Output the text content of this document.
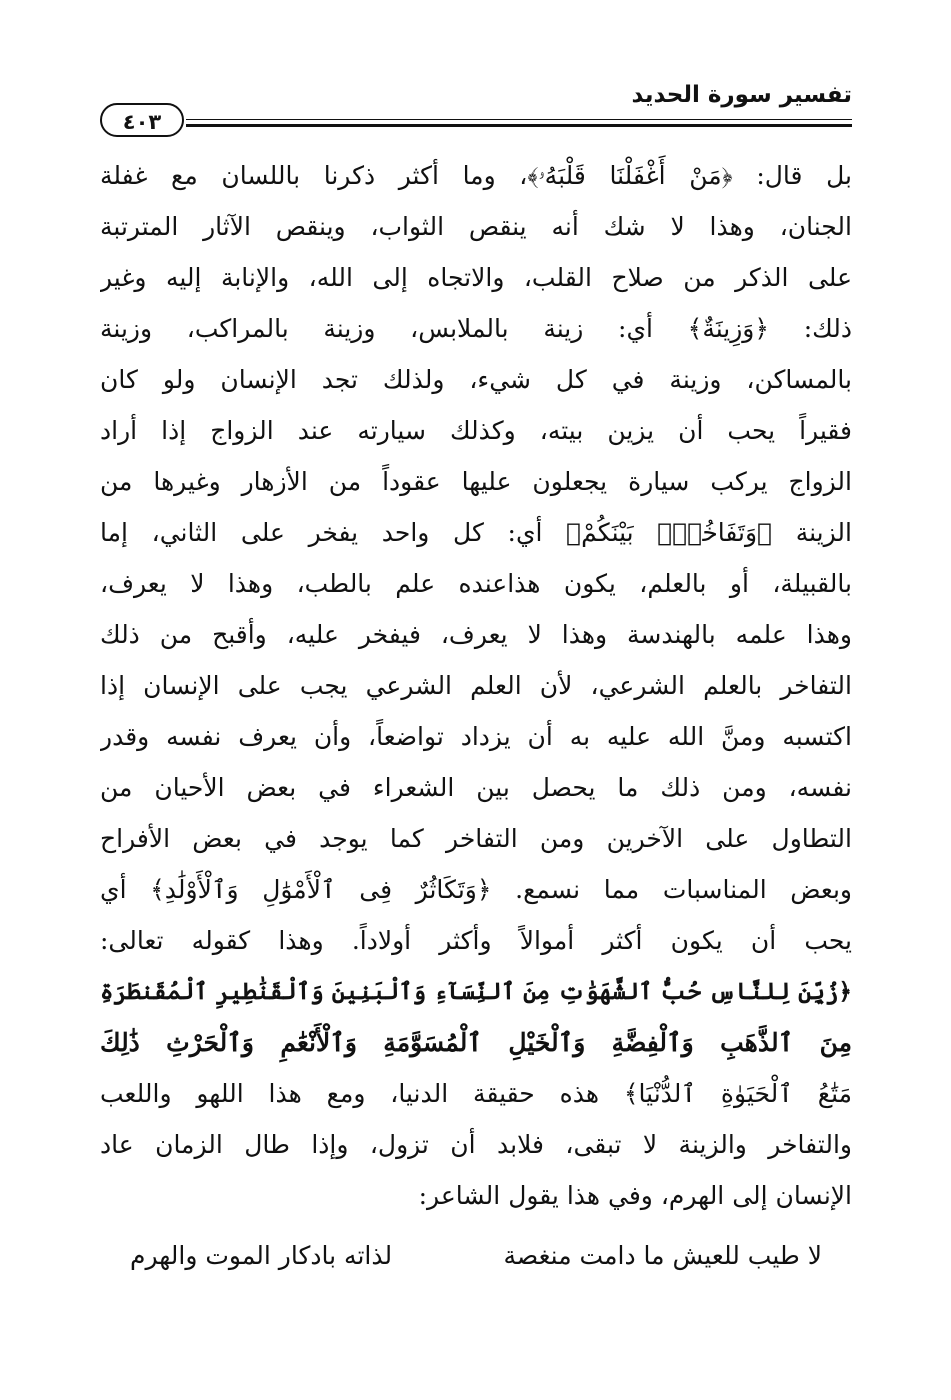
تفسير سورة الحديد
٤٠٣
بل قال: ﴿مَنْ أَغْفَلْنَا قَلْبَهُۥ﴾، وما أكثر ذكرنا باللسان مع غفلة
الجنان، وهذا لا شك أنه ينقص الثواب، وينقص الآثار المترتبة
على الذكر من صلاح القلب، والاتجاه إلى الله، والإنابة إليه وغير
ذلك: ﴿وَزِينَةٌ﴾ أي: زينة بالملابس، وزينة بالمراكب، وزينة
بالمساكن، وزينة في كل شيء، ولذلك تجد الإنسان ولو كان
فقيراً يحب أن يزين بيته، وكذلك سيارته عند الزواج إذا أراد
الزواج يركب سيارة يجعلون عليها عقوداً من الأزهار وغيرها من
الزينة ﴿وَتَفَاخُرٌۢ بَيْنَكُمْ﴾ أي: كل واحد يفخر على الثاني، إما
بالقبيلة، أو بالعلم، يكون هذاعنده علم بالطب، وهذا لا يعرف،
وهذا علمه بالهندسة وهذا لا يعرف، فيفخر عليه، وأقبح من ذلك
التفاخر بالعلم الشرعي، لأن العلم الشرعي يجب على الإنسان إذا
اكتسبه ومنَّ الله عليه به أن يزداد تواضعاً، وأن يعرف نفسه وقدر
نفسه، ومن ذلك ما يحصل بين الشعراء في بعض الأحيان من
التطاول على الآخرين ومن التفاخر كما يوجد في بعض الأفراح
وبعض المناسبات مما نسمع. ﴿وَتَكَاثُرٌ فِى ٱلْأَمْوَٰلِ وَٱلْأَوْلَٰدِ﴾ أي
يحب أن يكون أكثر أموالاً وأكثر أولاداً. وهذا كقوله تعالى:
﴿زُيِّنَ لِلنَّاسِ حُبُّ ٱلشَّهَوَٰتِ مِنَ ٱلنِّسَآءِ وَٱلْبَنِينَ وَٱلْقَنَٰطِيرِ ٱلْمُقَنطَرَةِ
مِنَ ٱلذَّهَبِ وَٱلْفِضَّةِ وَٱلْخَيْلِ ٱلْمُسَوَّمَةِ وَٱلْأَنْعَٰمِ وَٱلْحَرْثِ ذَٰلِكَ
مَتَٰعُ ٱلْحَيَوٰةِ ٱلدُّنْيَا﴾ هذه حقيقة الدنيا، ومع هذا اللهو واللعب
والتفاخر والزينة لا تبقى، فلابد أن تزول، وإذا طال الزمان عاد
الإنسان إلى الهرم، وفي هذا يقول الشاعر:
لا طيب للعيش ما دامت منغصة
لذاته بادكار الموت والهرم
